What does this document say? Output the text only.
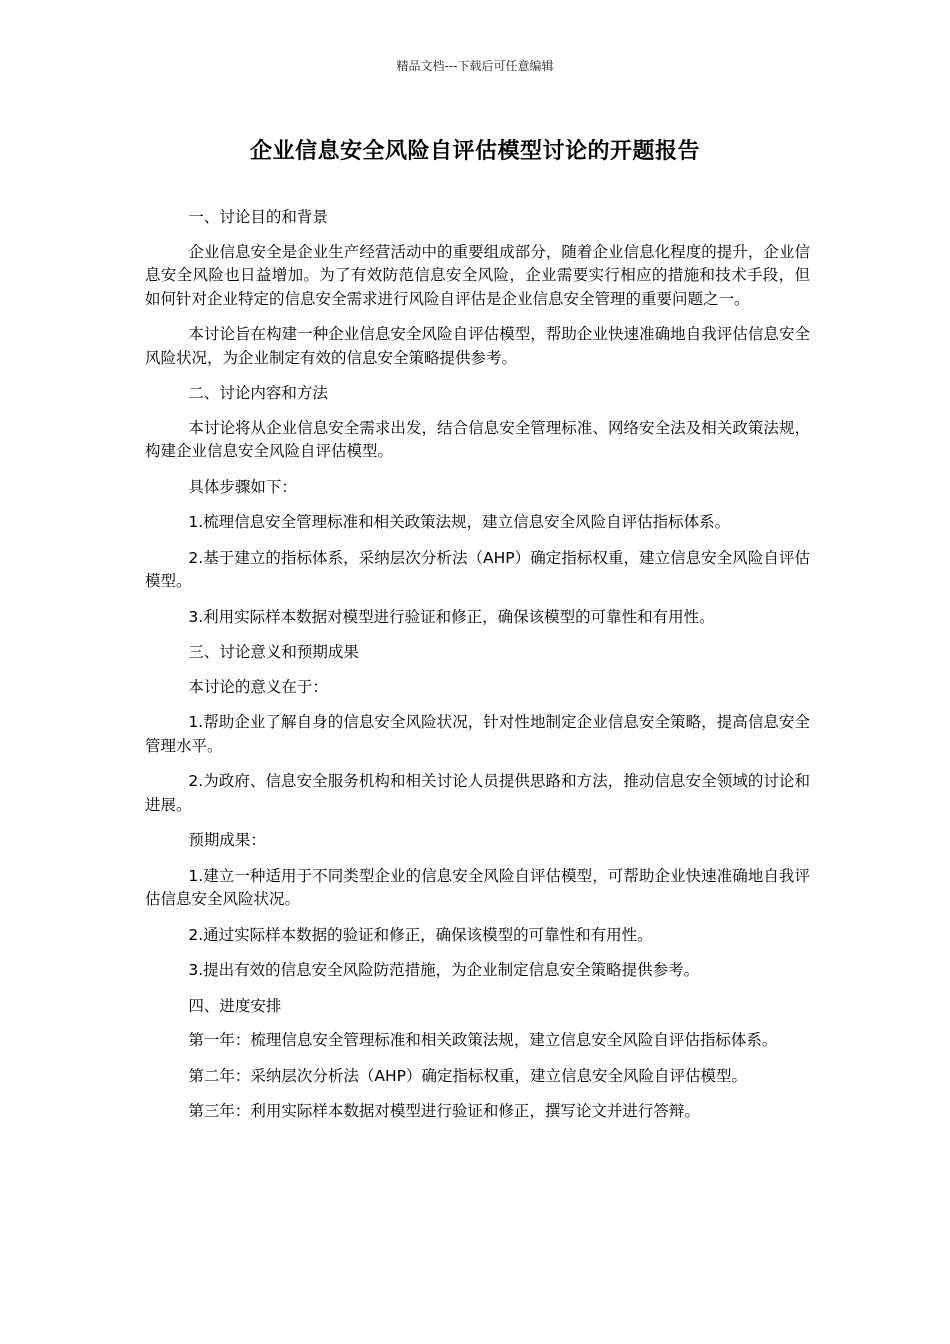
精品文档---下载后可任意编辑
企业信息安全风险自评估模型讨论的开题报告

一、讨论目的和背景

企业信息安全是企业生产经营活动中的重要组成部分，随着企业信息化程度的提升，企业信息安全风险也日益增加。为了有效防范信息安全风险，企业需要实行相应的措施和技术手段，但如何针对企业特定的信息安全需求进行风险自评估是企业信息安全管理的重要问题之一。

本讨论旨在构建一种企业信息安全风险自评估模型，帮助企业快速准确地自我评估信息安全风险状况，为企业制定有效的信息安全策略提供参考。

二、讨论内容和方法

本讨论将从企业信息安全需求出发，结合信息安全管理标准、网络安全法及相关政策法规，构建企业信息安全风险自评估模型。

具体步骤如下：

1.梳理信息安全管理标准和相关政策法规，建立信息安全风险自评估指标体系。

2.基于建立的指标体系，采纳层次分析法（AHP）确定指标权重，建立信息安全风险自评估模型。

3.利用实际样本数据对模型进行验证和修正，确保该模型的可靠性和有用性。

三、讨论意义和预期成果

本讨论的意义在于：

1.帮助企业了解自身的信息安全风险状况，针对性地制定企业信息安全策略，提高信息安全管理水平。

2.为政府、信息安全服务机构和相关讨论人员提供思路和方法，推动信息安全领域的讨论和进展。

预期成果：

1.建立一种适用于不同类型企业的信息安全风险自评估模型，可帮助企业快速准确地自我评估信息安全风险状况。

2.通过实际样本数据的验证和修正，确保该模型的可靠性和有用性。

3.提出有效的信息安全风险防范措施，为企业制定信息安全策略提供参考。

四、进度安排

第一年：梳理信息安全管理标准和相关政策法规，建立信息安全风险自评估指标体系。

第二年：采纳层次分析法（AHP）确定指标权重，建立信息安全风险自评估模型。

第三年：利用实际样本数据对模型进行验证和修正，撰写论文并进行答辩。
